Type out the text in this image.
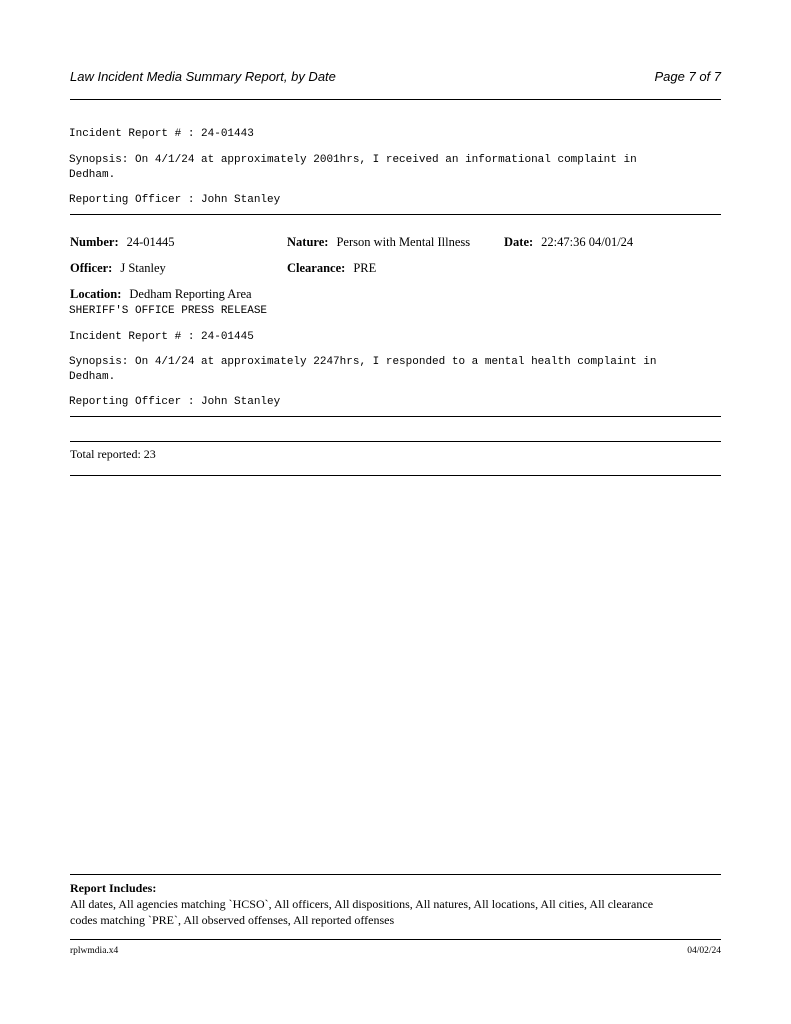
Law Incident Media Summary Report, by Date	Page 7 of 7
Incident Report # : 24-01443
Synopsis: On 4/1/24 at approximately 2001hrs, I received an informational complaint in
Dedham.
Reporting Officer : John Stanley
Number: 24-01445	Nature: Person with Mental Illness	Date: 22:47:36 04/01/24
Officer: J Stanley	Clearance: PRE
Location: Dedham Reporting Area
SHERIFF'S OFFICE PRESS RELEASE
Incident Report # : 24-01445
Synopsis: On 4/1/24 at approximately 2247hrs, I responded to a mental health complaint in
Dedham.
Reporting Officer : John Stanley
Total reported: 23
Report Includes:
All dates, All agencies matching `HCSO`, All officers, All dispositions, All natures, All locations, All cities, All clearance
codes matching `PRE`, All observed offenses, All reported offenses
rplwmdia.x4	04/02/24
